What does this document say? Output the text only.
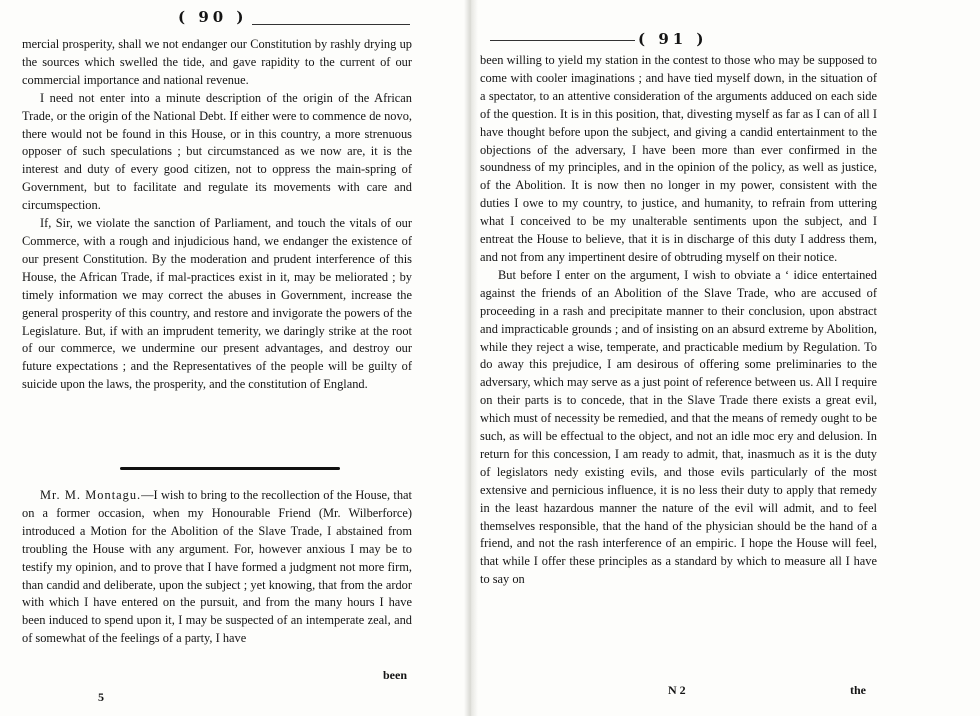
( 90 )

mercial prosperity, shall we not endanger our Constitution by rashly drying up the sources which swelled the tide, and gave rapidity to the current of our commercial importance and national revenue.

I need not enter into a minute description of the origin of the African Trade, or the origin of the National Debt. If either were to commence de novo, there would not be found in this House, or in this country, a more strenuous opposer of such speculations ; but circumstanced as we now are, it is the interest and duty of every good citizen, not to oppress the main-spring of Government, but to facilitate and regulate its movements with care and circumspection.

If, Sir, we violate the sanction of Parliament, and touch the vitals of our Commerce, with a rough and injudicious hand, we endanger the existence of our present Constitution. By the moderation and prudent interference of this House, the African Trade, if mal-practices exist in it, may be meliorated ; by timely information we may correct the abuses in Government, increase the general prosperity of this country, and restore and invigorate the powers of the Legislature. But, if with an imprudent temerity, we daringly strike at the root of our commerce, we undermine our present advantages, and destroy our future expectations ; and the Representatives of the people will be guilty of suicide upon the laws, the prosperity, and the constitution of England.

Mr. M. Montagu.—I wish to bring to the recollection of the House, that on a former occasion, when my Honourable Friend (Mr. Wilberforce) introduced a Motion for the Abolition of the Slave Trade, I abstained from troubling the House with any argument. For, however anxious I may be to testify my opinion, and to prove that I have formed a judgment not more firm, than candid and deliberate, upon the subject ; yet knowing, that from the ardor with which I have entered on the pursuit, and from the many hours I have been induced to spend upon it, I may be suspected of an intemperate zeal, and of somewhat of the feelings of a party, I have

been
5
( 91 )

been willing to yield my station in the contest to those who may be supposed to come with cooler imaginations ; and have tied myself down, in the situation of a spectator, to an attentive consideration of the arguments adduced on each side of the question. It is in this position, that, divesting myself as far as I can of all I have thought before upon the subject, and giving a candid entertainment to the objections of the adversary, I have been more than ever confirmed in the soundness of my principles, and in the opinion of the policy, as well as justice, of the Abolition. It is now then no longer in my power, consistent with the duties I owe to my country, to justice, and humanity, to refrain from uttering what I conceived to be my unalterable sentiments upon the subject, and I entreat the House to believe, that it is in discharge of this duty I address them, and not from any impertinent desire of obtruding myself on their notice.

But before I enter on the argument, I wish to obviate a ‘ idice entertained against the friends of an Abolition of the Slave Trade, who are accused of proceeding in a rash and precipitate manner to their conclusion, upon abstract and impracticable grounds ; and of insisting on an absurd extreme by Abolition, while they reject a wise, temperate, and practicable medium by Regulation. To do away this prejudice, I am desirous of offering some preliminaries to the adversary, which may serve as a just point of reference between us. All I require on their parts is to concede, that in the Slave Trade there exists a great evil, which must of necessity be remedied, and that the means of remedy ought to be such, as will be effectual to the object, and not an idle moc ery and delusion. In return for this concession, I am ready to admit, that, inasmuch as it is the duty of legislators nedy existing evils, and those evils particularly of the most extensive and pernicious influence, it is no less their duty to apply that remedy in the least hazardous manner the nature of the evil will admit, and to feel themselves responsible, that the hand of the physician should be the hand of a friend, and not the rash interference of an empiric. I hope the House will feel, that while I offer these principles as a standard by which to measure all I have to say on

N 2	the
